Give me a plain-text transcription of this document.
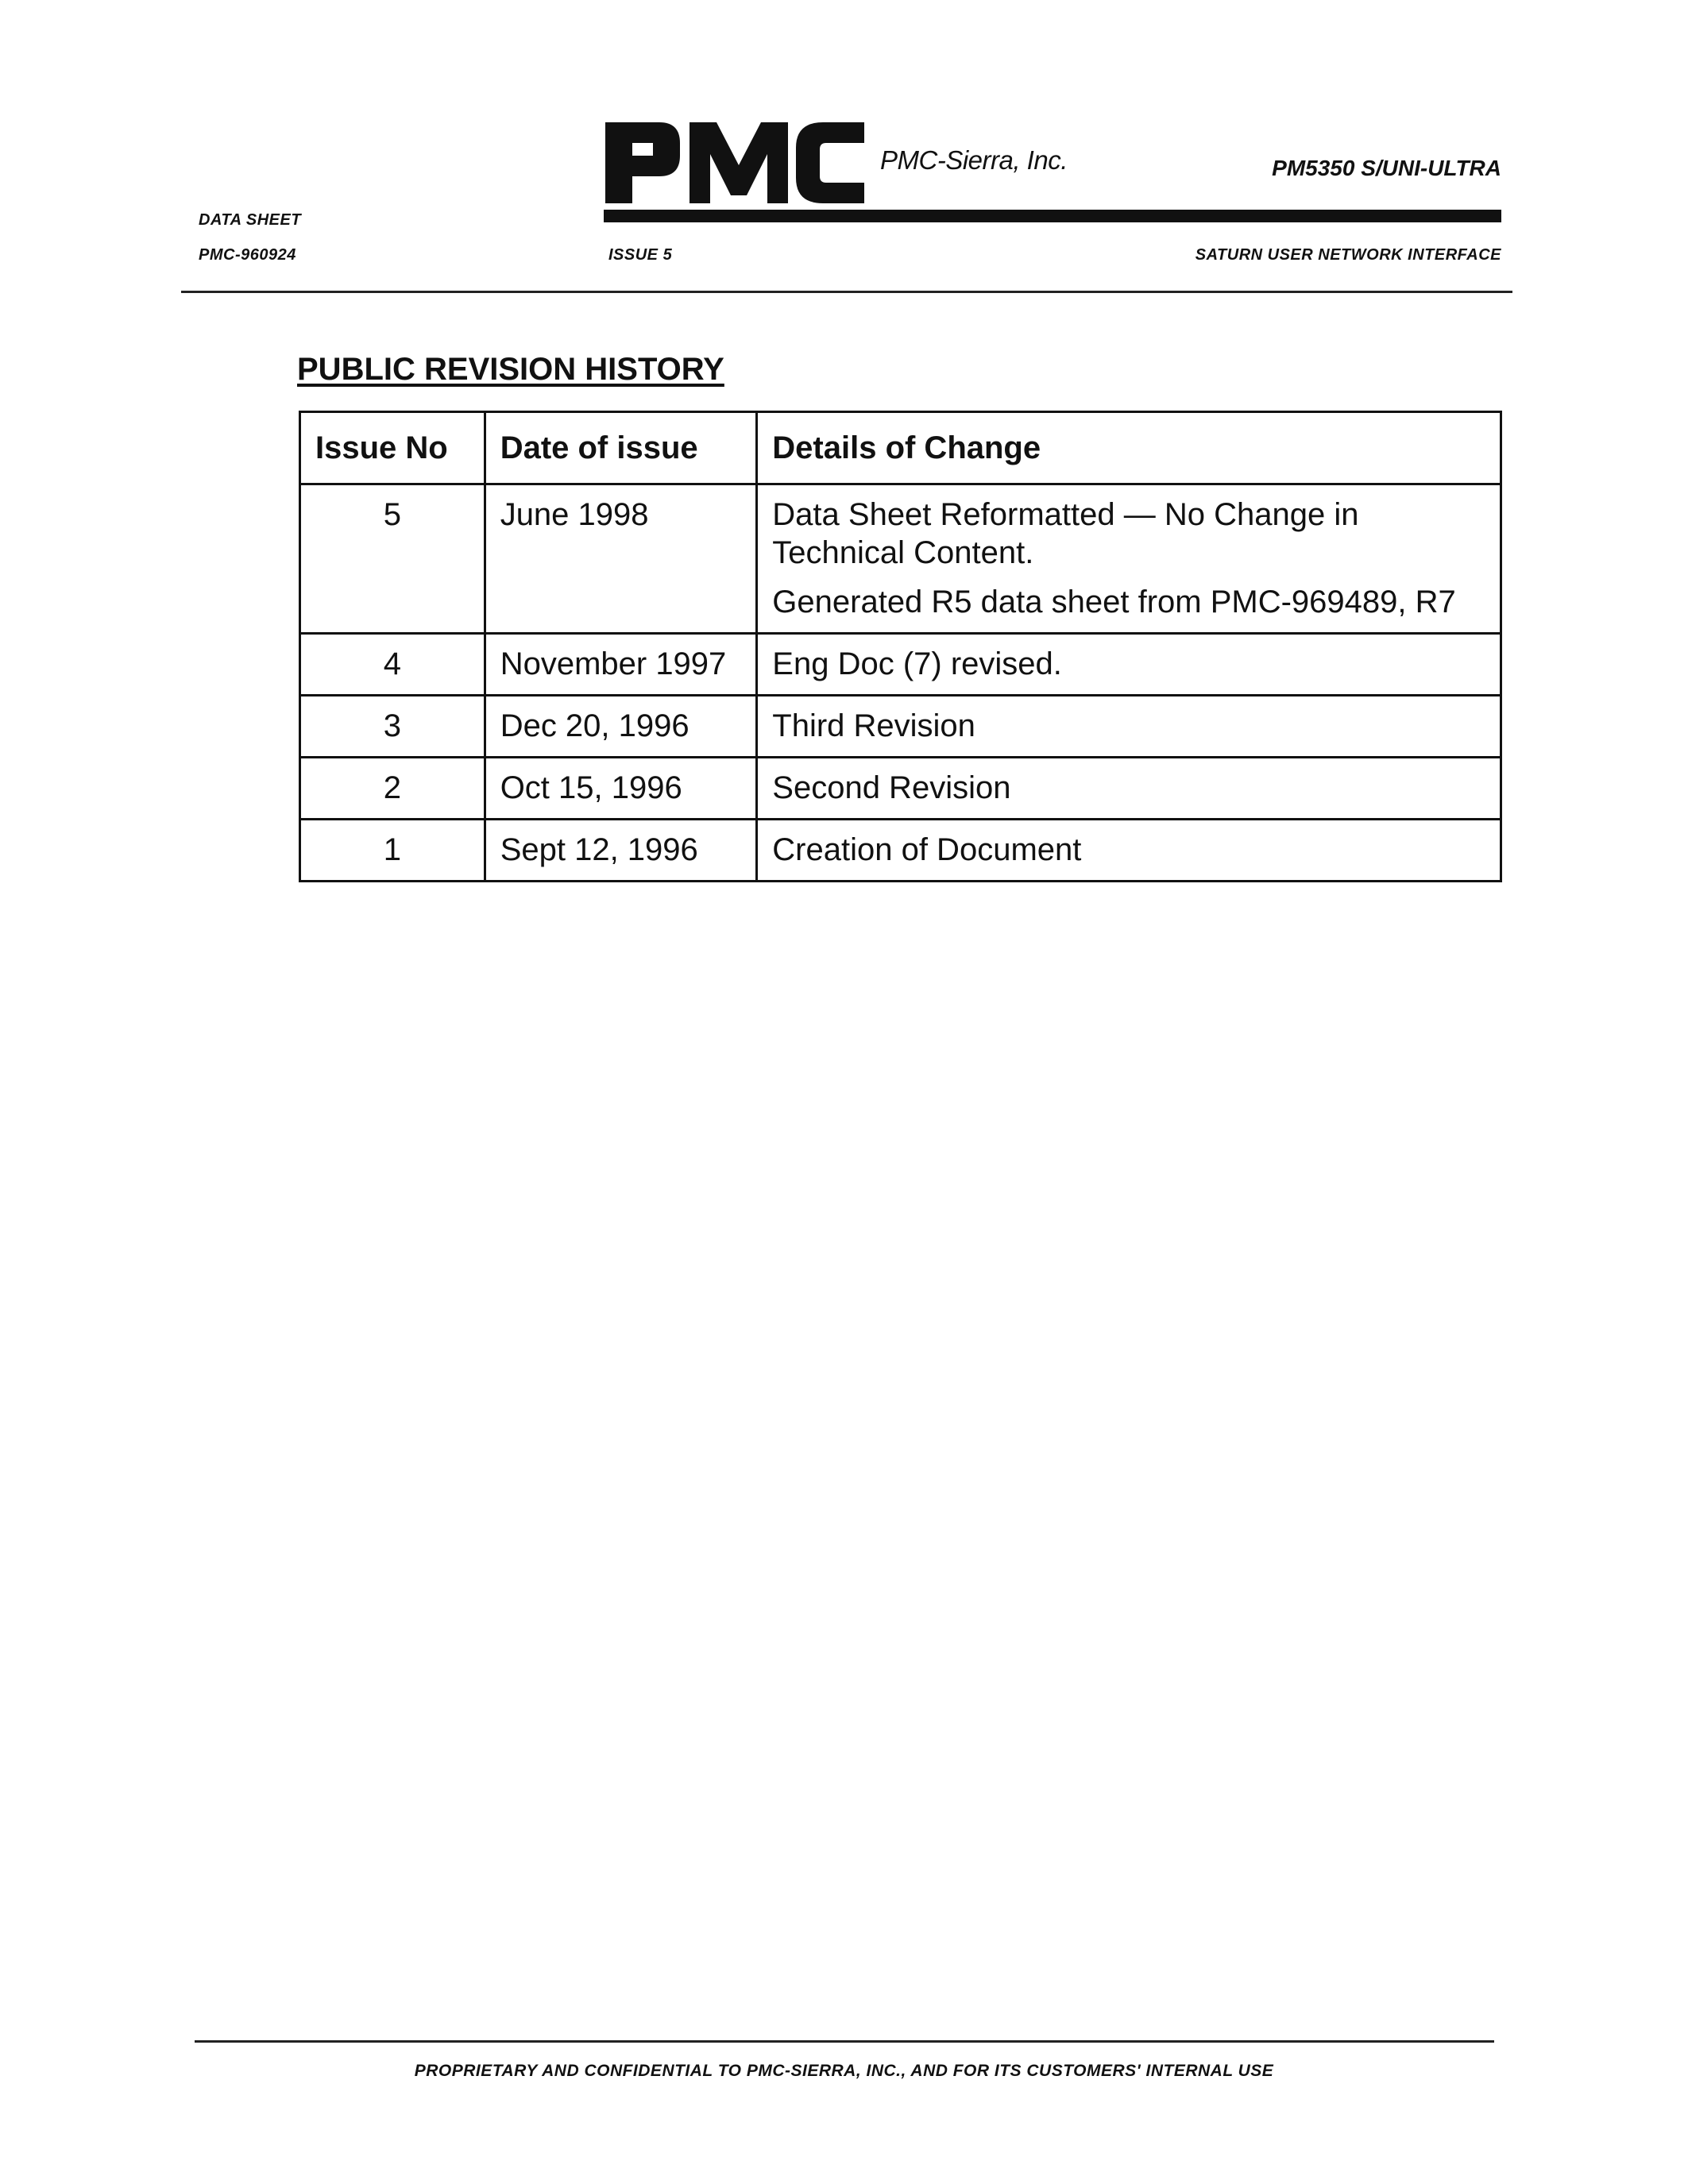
PMC-Sierra, Inc.	PM5350 S/UNI-ULTRA
DATA SHEET
PMC-960924	ISSUE 5	SATURN USER NETWORK INTERFACE
PUBLIC REVISION HISTORY
Issue No	Date of issue	Details of Change
5	June 1998	Data Sheet Reformatted — No Change in Technical Content.
Generated R5 data sheet from PMC-969489, R7

4	November 1997	Eng Doc (7) revised.
3	Dec 20, 1996	Third Revision
2	Oct 15, 1996	Second Revision
1	Sept 12, 1996	Creation of Document
PROPRIETARY AND CONFIDENTIAL TO PMC-SIERRA, INC., AND FOR ITS CUSTOMERS' INTERNAL USE
